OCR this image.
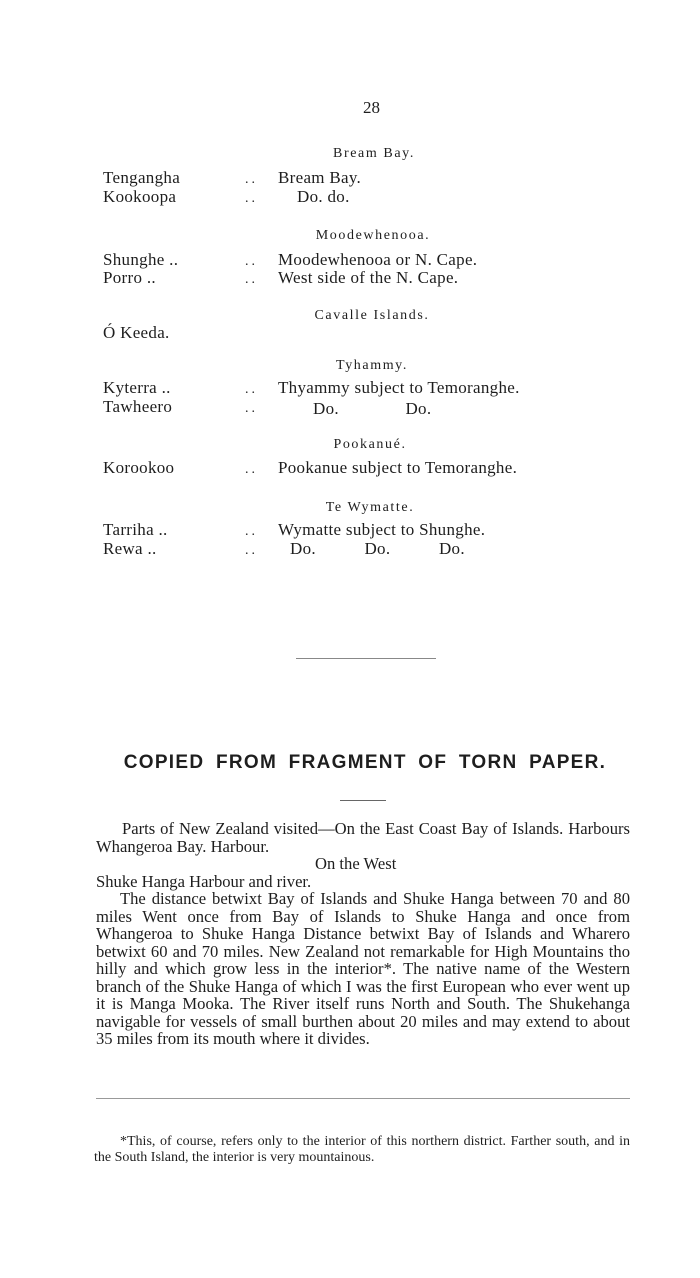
28
Bream Bay.
Tengangha	.. Bream Bay.
Kookoopa	.. Do. do.
Moodewhenooa.
Shunghe ..	.. Moodewhenooa or N. Cape.
Porro ..	.. West side of the N. Cape.
Cavalle Islands.
Ó Keeda.
Tyhammy.
Kyterra ..	.. Thyammy subject to Temoranghe.
Tawheero	..	Do. Do.
Pookanué.
Korookoo	.. Pookanue subject to Temoranghe.
Te Wymatte.
Tarriha ..	.. Wymatte subject to Shunghe.
Rewa ..	.. Do. Do. Do.
COPIED FROM FRAGMENT OF TORN PAPER.

Parts of New Zealand visited—On the East Coast Bay of Islands. Harbours Whangeroa Bay. Harbour.

On the West

Shuke Hanga Harbour and river.

The distance betwixt Bay of Islands and Shuke Hanga between 70 and 80 miles Went once from Bay of Islands to Shuke Hanga and once from Whangeroa to Shuke Hanga Distance betwixt Bay of Islands and Wharero betwixt 60 and 70 miles. New Zealand not remarkable for High Mountains tho hilly and which grow less in the interior*. The native name of the Western branch of the Shuke Hanga of which I was the first European who ever went up it is Manga Mooka. The River itself runs North and South. The Shukehanga navigable for vessels of small burthen about 20 miles and may extend to about 35 miles from its mouth where it divides.

*This, of course, refers only to the interior of this northern district. Farther south, and in the South Island, the interior is very mountainous.
